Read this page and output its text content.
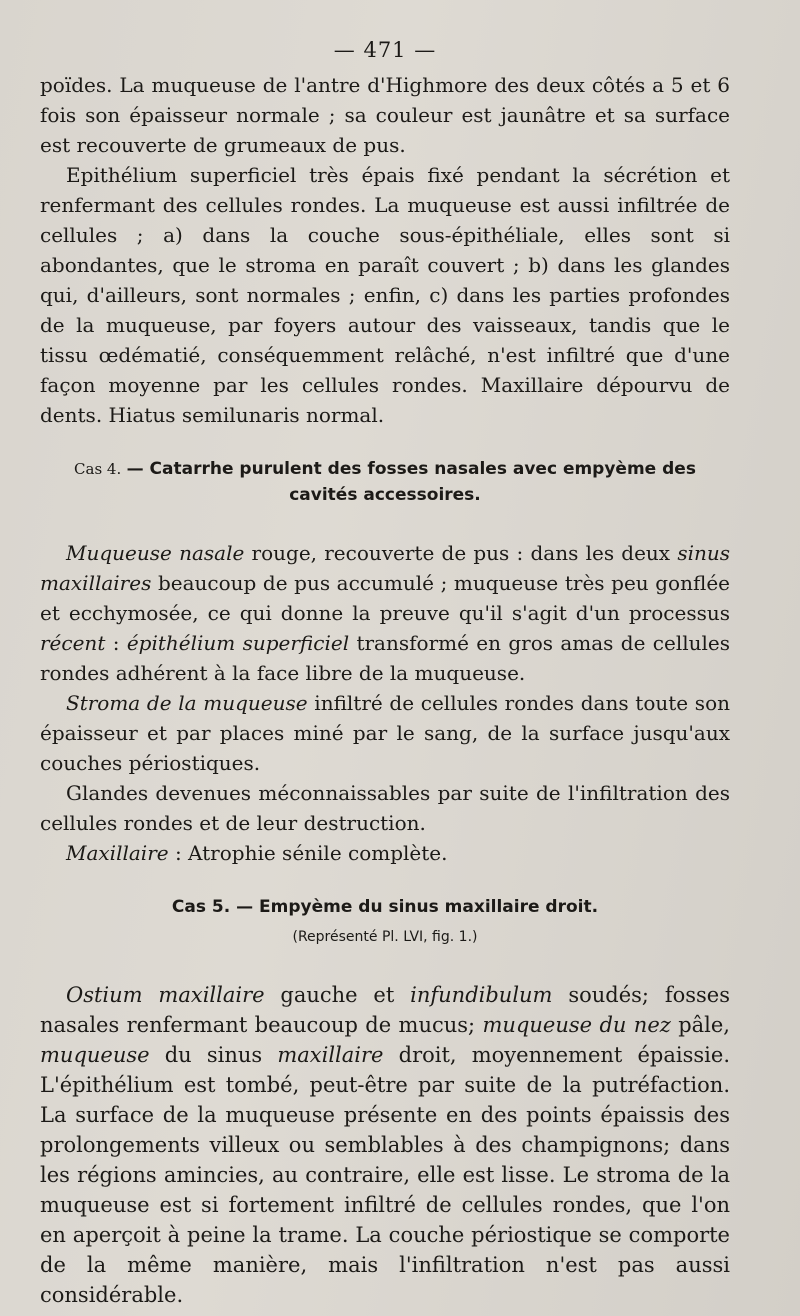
— 471 —

poïdes. La muqueuse de l'antre d'Highmore des deux côtés a 5 et 6 fois son épaisseur normale ; sa couleur est jaunâtre et sa surface est recouverte de grumeaux de pus.

Epithélium superficiel très épais fixé pendant la sécrétion et renfermant des cellules rondes. La muqueuse est aussi infiltrée de cellules ; a) dans la couche sous-épithéliale, elles sont si abondantes, que le stroma en paraît couvert ; b) dans les glandes qui, d'ailleurs, sont normales ; enfin, c) dans les parties profondes de la muqueuse, par foyers autour des vaisseaux, tandis que le tissu œdématié, conséquemment relâché, n'est infiltré que d'une façon moyenne par les cellules rondes. Maxillaire dépourvu de dents. Hiatus semilunaris normal.

Cas 4. — Catarrhe purulent des fosses nasales avec empyème des cavités accessoires.

Muqueuse nasale rouge, recouverte de pus : dans les deux sinus maxillaires beaucoup de pus accumulé ; muqueuse très peu gonflée et ecchymosée, ce qui donne la preuve qu'il s'agit d'un processus récent : épithélium superficiel transformé en gros amas de cellules rondes adhérent à la face libre de la muqueuse.

Stroma de la muqueuse infiltré de cellules rondes dans toute son épaisseur et par places miné par le sang, de la surface jusqu'aux couches périostiques.

Glandes devenues méconnaissables par suite de l'infiltration des cellules rondes et de leur destruction.

Maxillaire : Atrophie sénile complète.

Cas 5. — Empyème du sinus maxillaire droit.
(Représenté Pl. LVI, fig. 1.)

Ostium maxillaire gauche et infundibulum soudés; fosses nasales renfermant beaucoup de mucus; muqueuse du nez pâle, muqueuse du sinus maxillaire droit, moyennement épaissie. L'épithélium est tombé, peut-être par suite de la putréfaction. La surface de la muqueuse présente en des points épaissis des prolongements villeux ou semblables à des champignons; dans les régions amincies, au contraire, elle est lisse. Le stroma de la muqueuse est si fortement infiltré de cellules rondes, que l'on en aperçoit à peine la trame. La couche périostique se comporte de la même manière, mais l'infiltration n'est pas aussi considérable.
